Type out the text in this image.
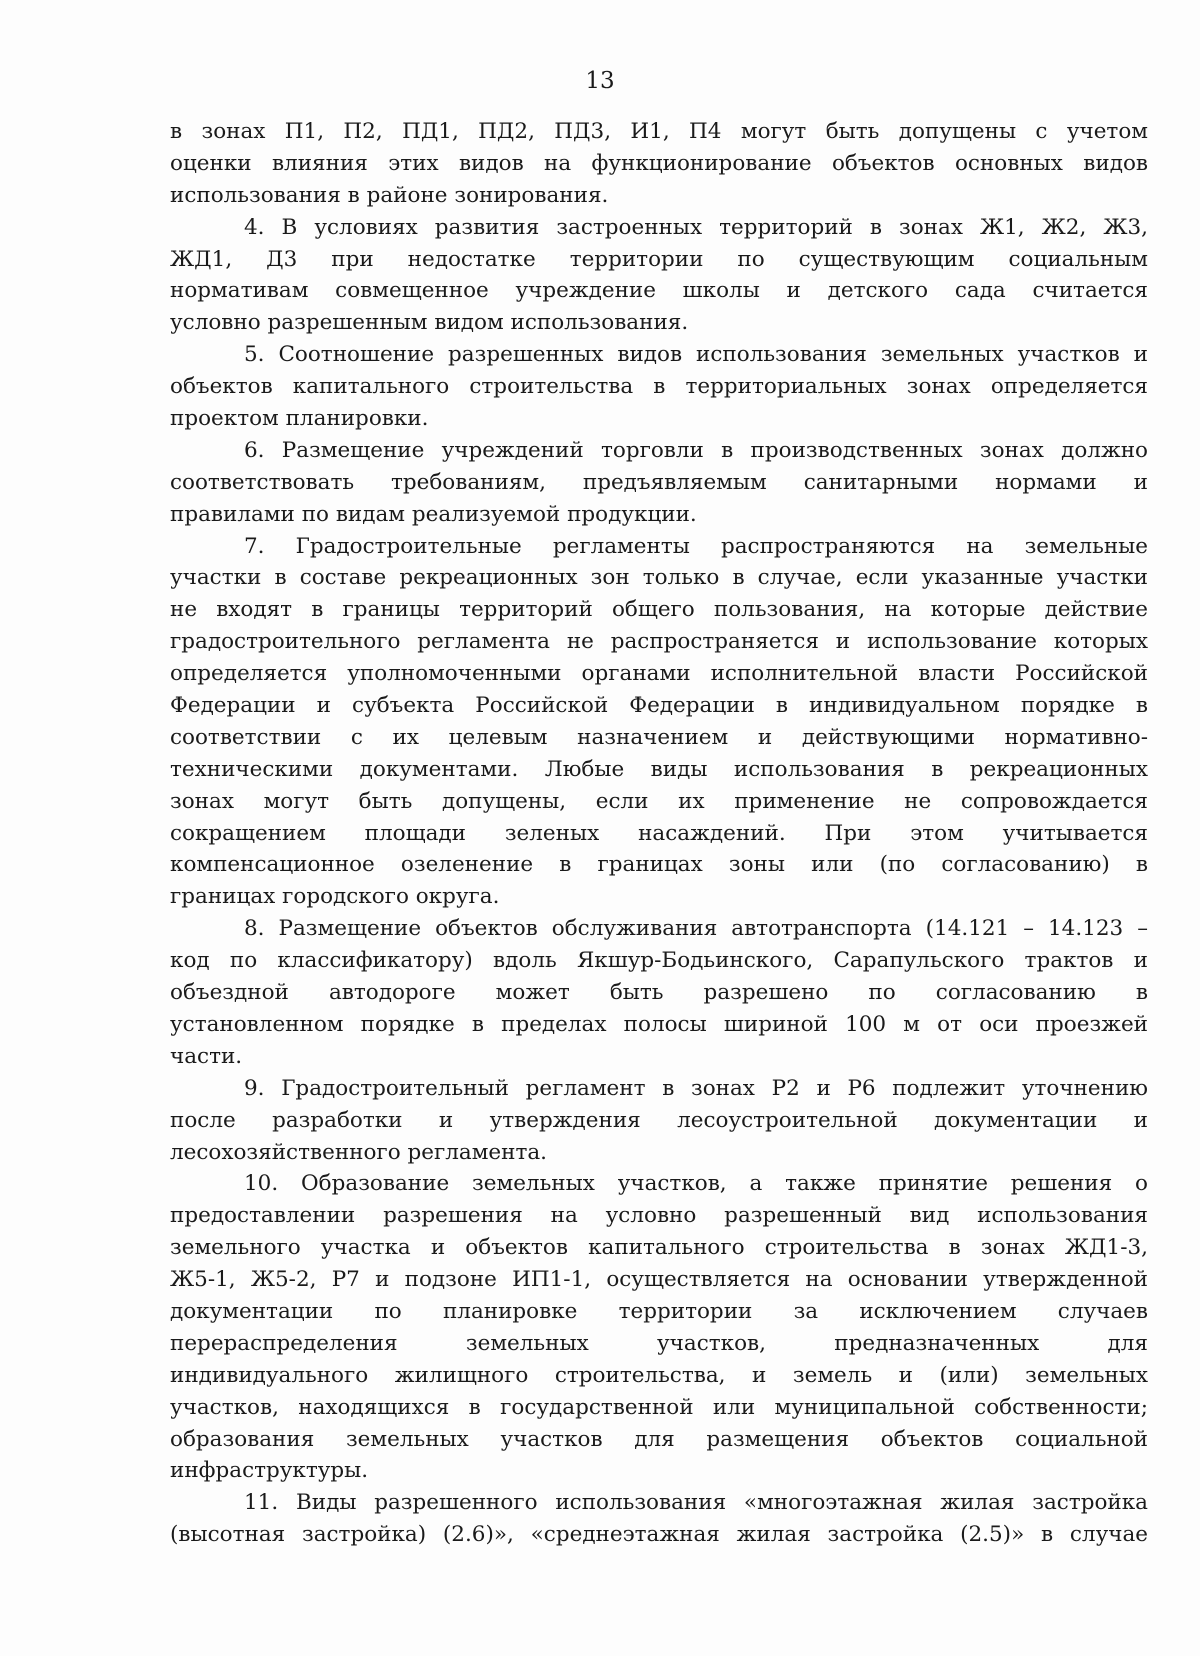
13
в зонах П1, П2, ПД1, ПД2, ПД3, И1, П4 могут быть допущены с учетом
оценки влияния этих видов на функционирование объектов основных видов
использования в районе зонирования.
4. В условиях развития застроенных территорий в зонах Ж1, Ж2, Ж3,
ЖД1, Д3 при недостатке территории по существующим социальным
нормативам совмещенное учреждение школы и детского сада считается
условно разрешенным видом использования.
5. Соотношение разрешенных видов использования земельных участков и
объектов капитального строительства в территориальных зонах определяется
проектом планировки.
6. Размещение учреждений торговли в производственных зонах должно
соответствовать требованиям, предъявляемым санитарными нормами и
правилами по видам реализуемой продукции.
7. Градостроительные регламенты распространяются на земельные
участки в составе рекреационных зон только в случае, если указанные участки
не входят в границы территорий общего пользования, на которые действие
градостроительного регламента не распространяется и использование которых
определяется уполномоченными органами исполнительной власти Российской
Федерации и субъекта Российской Федерации в индивидуальном порядке в
соответствии с их целевым назначением и действующими нормативно-
техническими документами. Любые виды использования в рекреационных
зонах могут быть допущены, если их применение не сопровождается
сокращением площади зеленых насаждений. При этом учитывается
компенсационное озеленение в границах зоны или (по согласованию) в
границах городского округа.
8. Размещение объектов обслуживания автотранспорта (14.121 – 14.123 –
код по классификатору) вдоль Якшур-Бодьинского, Сарапульского трактов и
объездной автодороге может быть разрешено по согласованию в
установленном порядке в пределах полосы шириной 100 м от оси проезжей
части.
9. Градостроительный регламент в зонах Р2 и Р6 подлежит уточнению
после разработки и утверждения лесоустроительной документации и
лесохозяйственного регламента.
10. Образование земельных участков, а также принятие решения о
предоставлении разрешения на условно разрешенный вид использования
земельного участка и объектов капитального строительства в зонах ЖД1-3,
Ж5-1, Ж5-2, Р7 и подзоне ИП1-1, осуществляется на основании утвержденной
документации по планировке территории за исключением случаев
перераспределения земельных участков, предназначенных для
индивидуального жилищного строительства, и земель и (или) земельных
участков, находящихся в государственной или муниципальной собственности;
образования земельных участков для размещения объектов социальной
инфраструктуры.
11. Виды разрешенного использования «многоэтажная жилая застройка
(высотная застройка) (2.6)», «среднеэтажная жилая застройка (2.5)» в случае
